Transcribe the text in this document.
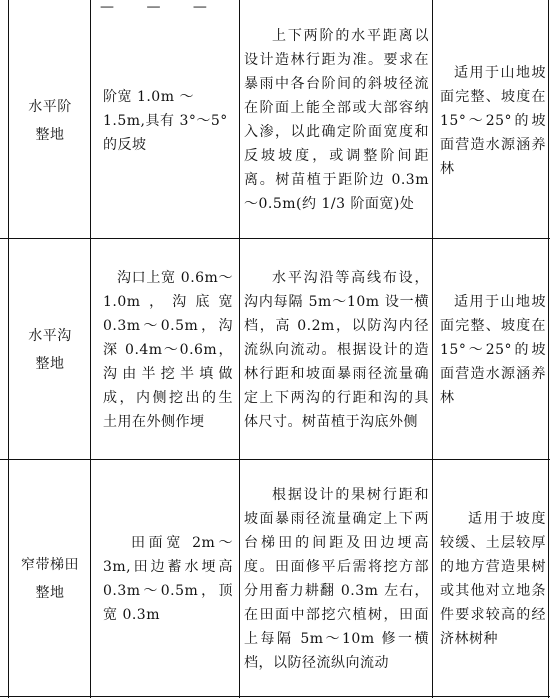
— — —
水平阶
整地
阶宽 1.0m ～
1.5m,具有 3°～5°
的反坡
上下两阶的水平距离以设计造林行距为准。要求在暴雨中各台阶间的斜坡径流在阶面上能全部或大部容纳入渗，以此确定阶面宽度和反坡坡度，或调整阶间距离。树苗植于距阶边 0.3m～0.5m(约 1/3 阶面宽)处
适用于山地坡面完整、坡度在 15°～25°的坡面营造水源涵养林
水平沟
整地
沟口上宽 0.6m～1.0m，沟底宽 0.3m～0.5m，沟深 0.4m～0.6m，沟由半挖半填做成，内侧挖出的生土用在外侧作埂
水平沟沿等高线布设，沟内每隔 5m～10m 设一横档，高 0.2m，以防沟内径流纵向流动。根据设计的造林行距和坡面暴雨径流量确定上下两沟的行距和沟的具体尺寸。树苗植于沟底外侧
适用于山地坡面完整、坡度在 15°～25°的坡面营造水源涵养林
窄带梯田
整地
田面宽 2m～3m,田边蓄水埂高 0.3m～0.5m，顶宽 0.3m
根据设计的果树行距和坡面暴雨径流量确定上下两台梯田的间距及田边埂高度。田面修平后需将挖方部分用畜力耕翻 0.3m 左右，在田面中部挖穴植树，田面上每隔 5m～10m 修一横档，以防径流纵向流动
适用于坡度较缓、土层较厚的地方营造果树或其他对立地条件要求较高的经济林树种
